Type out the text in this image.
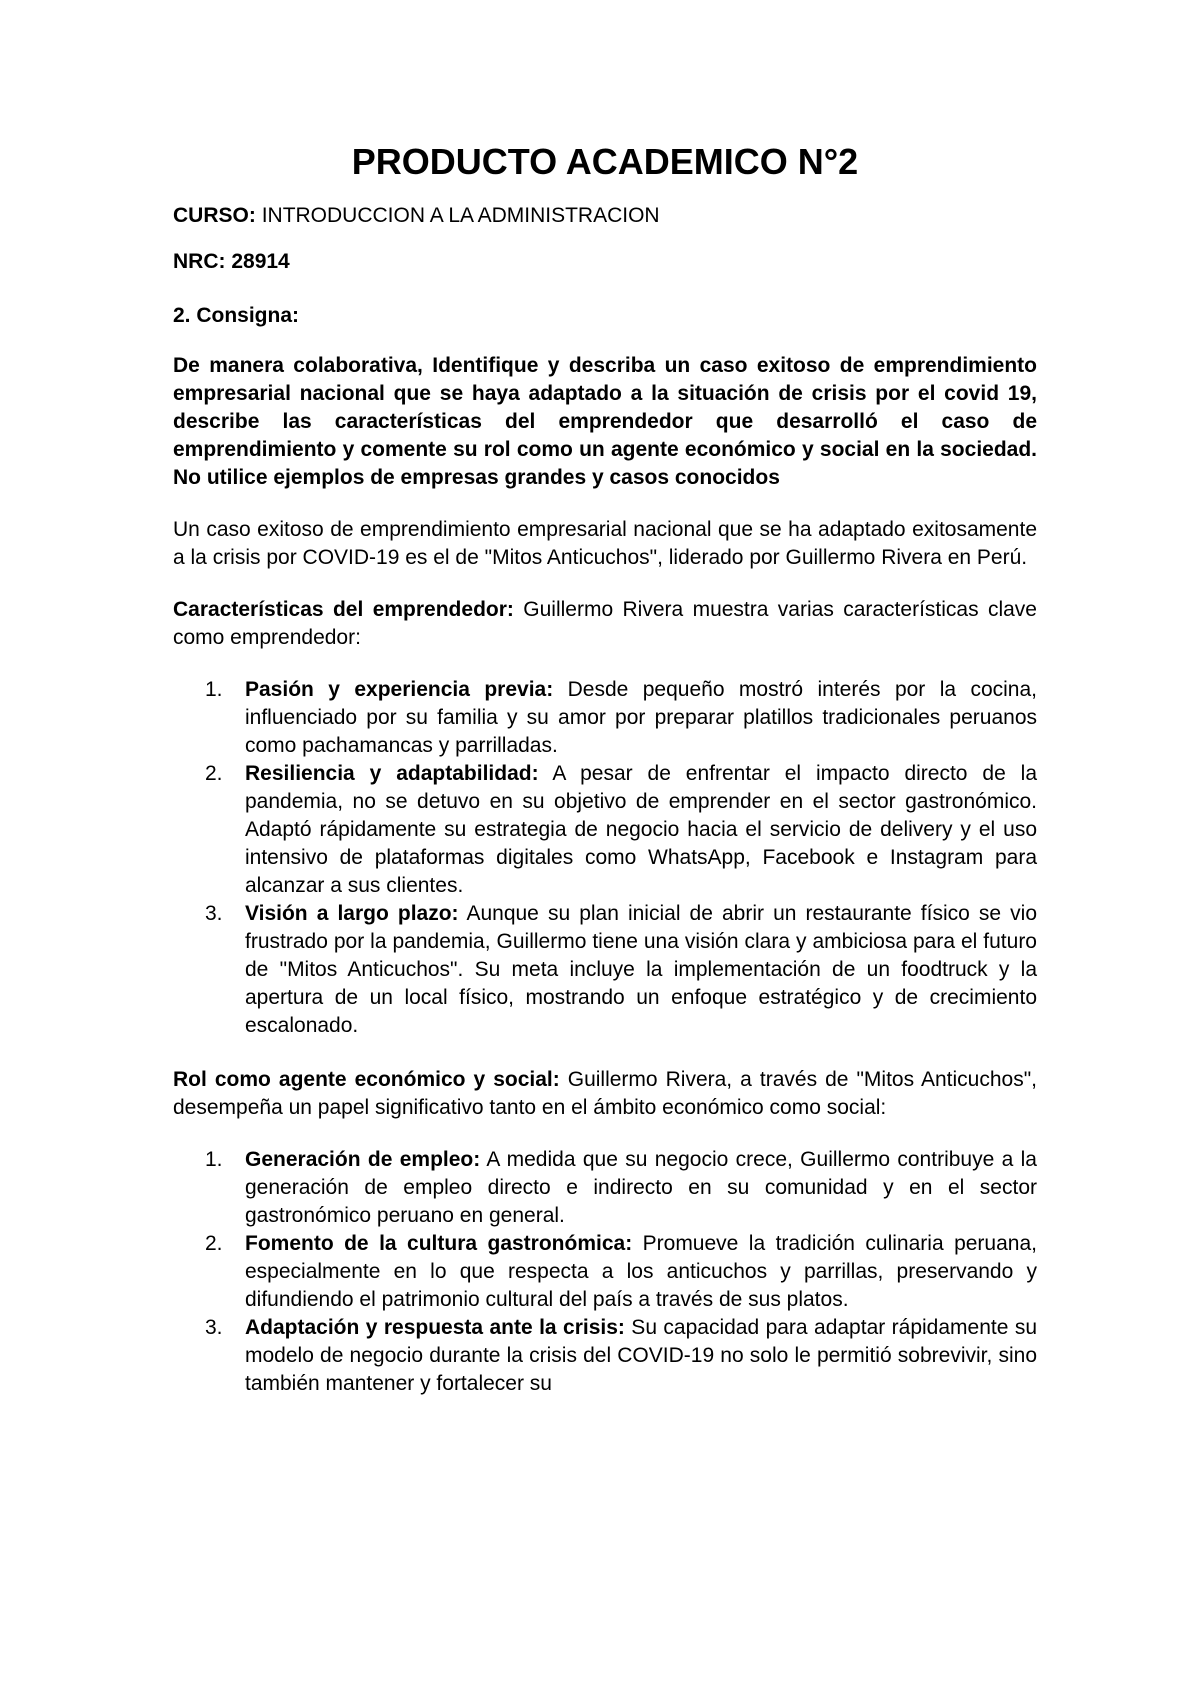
PRODUCTO ACADEMICO N°2
CURSO: INTRODUCCION A LA ADMINISTRACION
NRC: 28914
2. Consigna:

De manera colaborativa, Identifique y describa un caso exitoso de emprendimiento empresarial nacional que se haya adaptado a la situación de crisis por el covid 19, describe las características del emprendedor que desarrolló el caso de emprendimiento y comente su rol como un agente económico y social en la sociedad. No utilice ejemplos de empresas grandes y casos conocidos

Un caso exitoso de emprendimiento empresarial nacional que se ha adaptado exitosamente a la crisis por COVID-19 es el de "Mitos Anticuchos", liderado por Guillermo Rivera en Perú.

Características del emprendedor: Guillermo Rivera muestra varias características clave como emprendedor:

1. Pasión y experiencia previa: Desde pequeño mostró interés por la cocina, influenciado por su familia y su amor por preparar platillos tradicionales peruanos como pachamancas y parrilladas.
2. Resiliencia y adaptabilidad: A pesar de enfrentar el impacto directo de la pandemia, no se detuvo en su objetivo de emprender en el sector gastronómico. Adaptó rápidamente su estrategia de negocio hacia el servicio de delivery y el uso intensivo de plataformas digitales como WhatsApp, Facebook e Instagram para alcanzar a sus clientes.
3. Visión a largo plazo: Aunque su plan inicial de abrir un restaurante físico se vio frustrado por la pandemia, Guillermo tiene una visión clara y ambiciosa para el futuro de "Mitos Anticuchos". Su meta incluye la implementación de un foodtruck y la apertura de un local físico, mostrando un enfoque estratégico y de crecimiento escalonado.

Rol como agente económico y social: Guillermo Rivera, a través de "Mitos Anticuchos", desempeña un papel significativo tanto en el ámbito económico como social:

1. Generación de empleo: A medida que su negocio crece, Guillermo contribuye a la generación de empleo directo e indirecto en su comunidad y en el sector gastronómico peruano en general.
2. Fomento de la cultura gastronómica: Promueve la tradición culinaria peruana, especialmente en lo que respecta a los anticuchos y parrillas, preservando y difundiendo el patrimonio cultural del país a través de sus platos.
3. Adaptación y respuesta ante la crisis: Su capacidad para adaptar rápidamente su modelo de negocio durante la crisis del COVID-19 no solo le permitió sobrevivir, sino también mantener y fortalecer su
